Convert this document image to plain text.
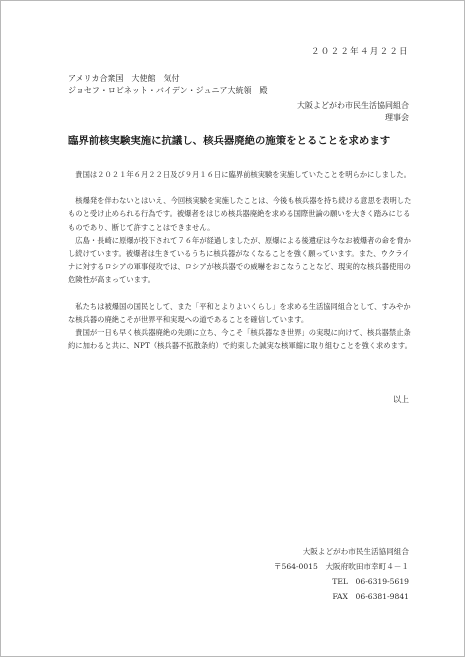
２０２２年４月２２日
アメリカ合衆国　大使館　気付
ジョセフ・ロビネット・バイデン・ジュニア大統領　殿
大阪よどがわ市民生活協同組合
理事会
臨界前核実験実施に抗議し、核兵器廃絶の施策をとることを求めます

貴国は２０２１年６月２２日及び９月１６日に臨界前核実験を実施していたことを明らかにしました。

核爆発を伴わないとはいえ、今回核実験を実施したことは、今後も核兵器を持ち続ける意思を表明したものと受け止められる行為です。被爆者をはじめ核兵器廃絶を求める国際世論の願いを大きく踏みにじるものであり、断じて許すことはできません。

広島・長崎に原爆が投下されて７６年が経過しましたが、原爆による後遺症は今なお被爆者の命を脅かし続けています。被爆者は生きているうちに核兵器がなくなることを強く願っています。また、ウクライナに対するロシアの軍事侵攻では、ロシアが核兵器での威嚇をおこなうことなど、現実的な核兵器使用の危険性が高まっています。

私たちは被爆国の国民として、また「平和とよりよいくらし」を求める生活協同組合として、すみやかな核兵器の廃絶こそが世界平和実現への道であることを確信しています。

貴国が一日も早く核兵器廃絶の先頭に立ち、今こそ「核兵器なき世界」の実現に向けて、核兵器禁止条約に加わると共に、NPT（核兵器不拡散条約）で約束した誠実な核軍縮に取り組むことを強く求めます。

以上
大阪よどがわ市民生活協同組合
〒564-0015　大阪府吹田市幸町４－１
TEL　06-6319-5619
FAX　06-6381-9841
